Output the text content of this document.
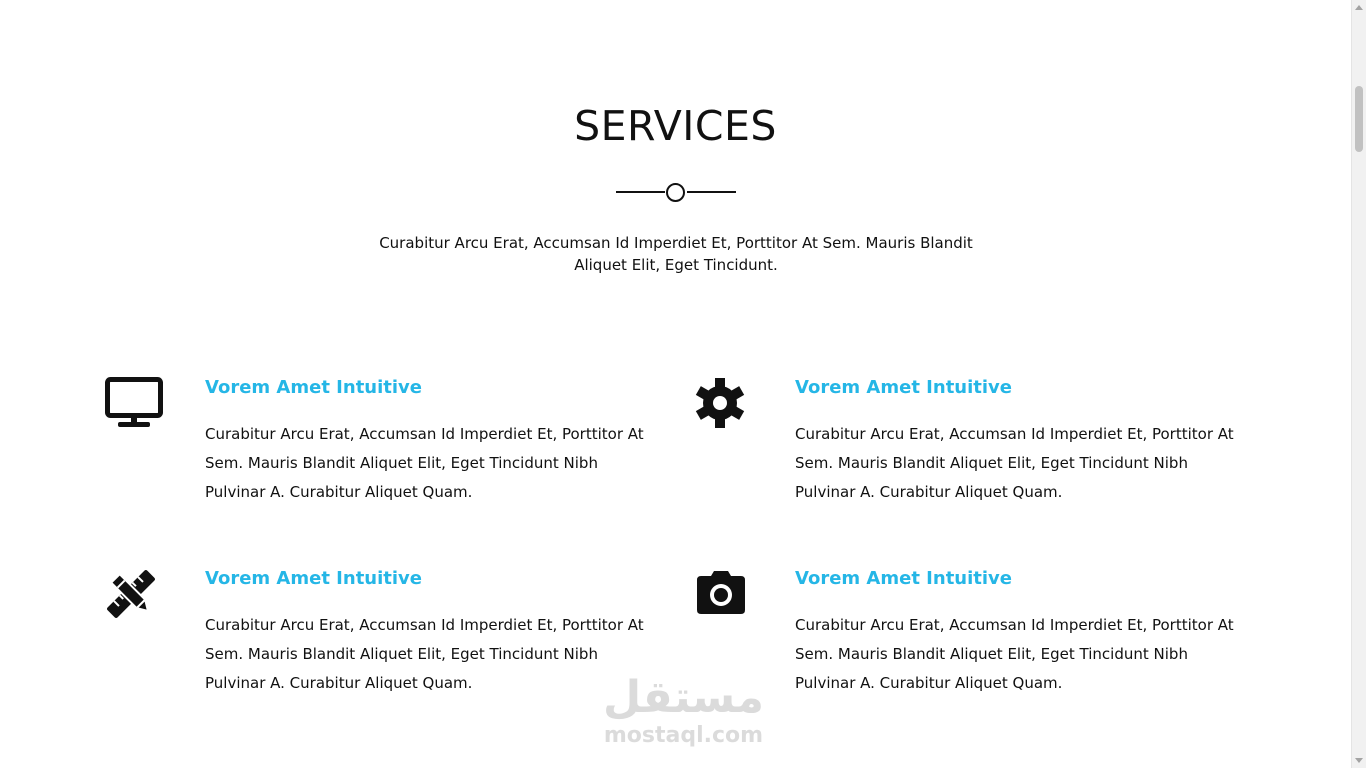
SERVICES

Curabitur Arcu Erat, Accumsan Id Imperdiet Et, Porttitor At Sem. Mauris Blandit Aliquet Elit, Eget Tincidunt.

Vorem Amet Intuitive

Curabitur Arcu Erat, Accumsan Id Imperdiet Et, Porttitor At Sem. Mauris Blandit Aliquet Elit, Eget Tincidunt Nibh Pulvinar A. Curabitur Aliquet Quam.

Vorem Amet Intuitive

Curabitur Arcu Erat, Accumsan Id Imperdiet Et, Porttitor At Sem. Mauris Blandit Aliquet Elit, Eget Tincidunt Nibh Pulvinar A. Curabitur Aliquet Quam.

Vorem Amet Intuitive

Curabitur Arcu Erat, Accumsan Id Imperdiet Et, Porttitor At Sem. Mauris Blandit Aliquet Elit, Eget Tincidunt Nibh Pulvinar A. Curabitur Aliquet Quam.

Vorem Amet Intuitive

Curabitur Arcu Erat, Accumsan Id Imperdiet Et, Porttitor At Sem. Mauris Blandit Aliquet Elit, Eget Tincidunt Nibh Pulvinar A. Curabitur Aliquet Quam.

مستقل
mostaql.com
